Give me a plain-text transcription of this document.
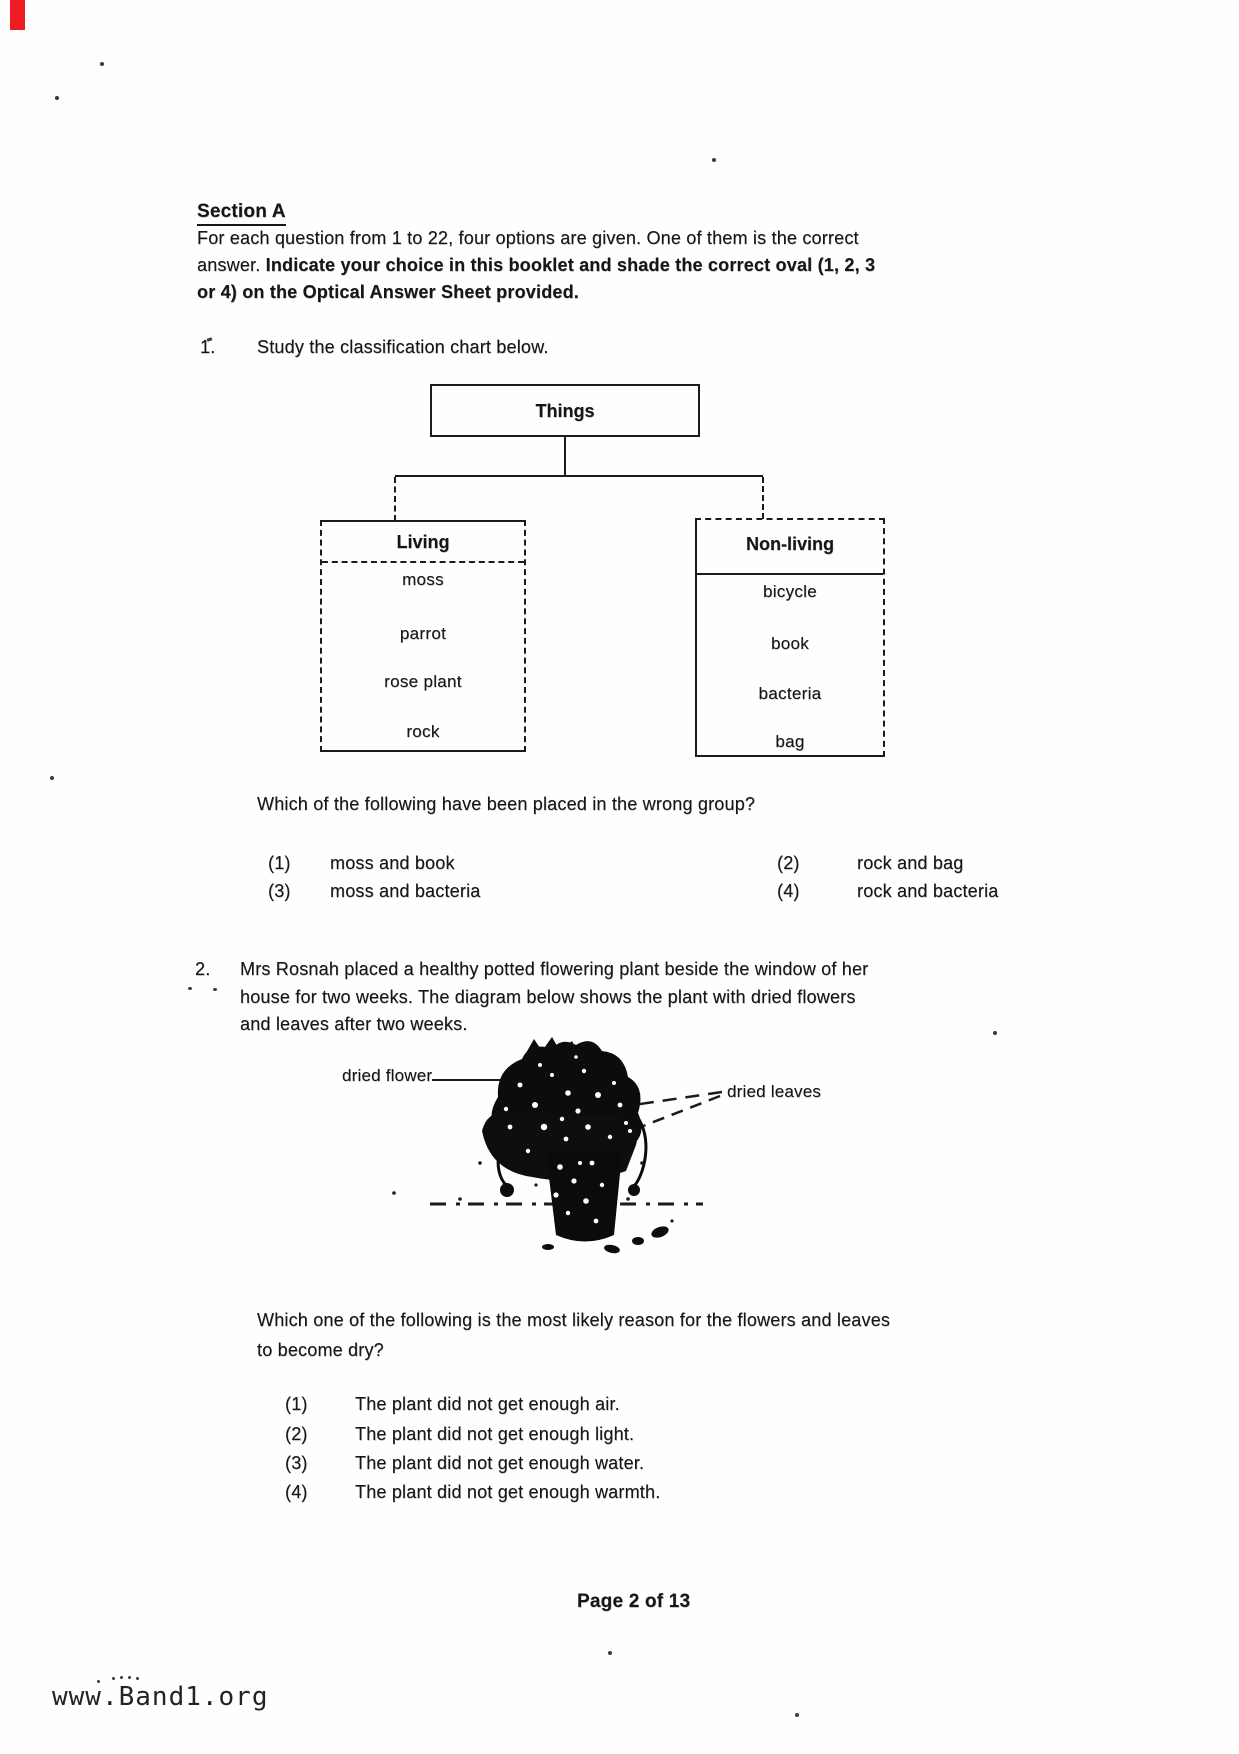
Section A
For each question from 1 to 22, four options are given. One of them is the correct
answer. Indicate your choice in this booklet and shade the correct oval (1, 2, 3
or 4) on the Optical Answer Sheet provided.
1. Study the classification chart below.
Things
Living
moss
parrot
rose plant
rock
Non-living
bicycle
book
bacteria
bag
Which of the following have been placed in the wrong group?
(1) moss and book	(2)	rock and bag
(3) moss and bacteria	(4)	rock and bacteria
2. Mrs Rosnah placed a healthy potted flowering plant beside the window of her
house for two weeks. The diagram below shows the plant with dried flowers
and leaves after two weeks.
dried flower
dried leaves
Which one of the following is the most likely reason for the flowers and leaves
to become dry?
(1)	The plant did not get enough air.
(2)	The plant did not get enough light.
(3)	The plant did not get enough water.
(4)	The plant did not get enough warmth.
Page 2 of 13
www.Band1.org
